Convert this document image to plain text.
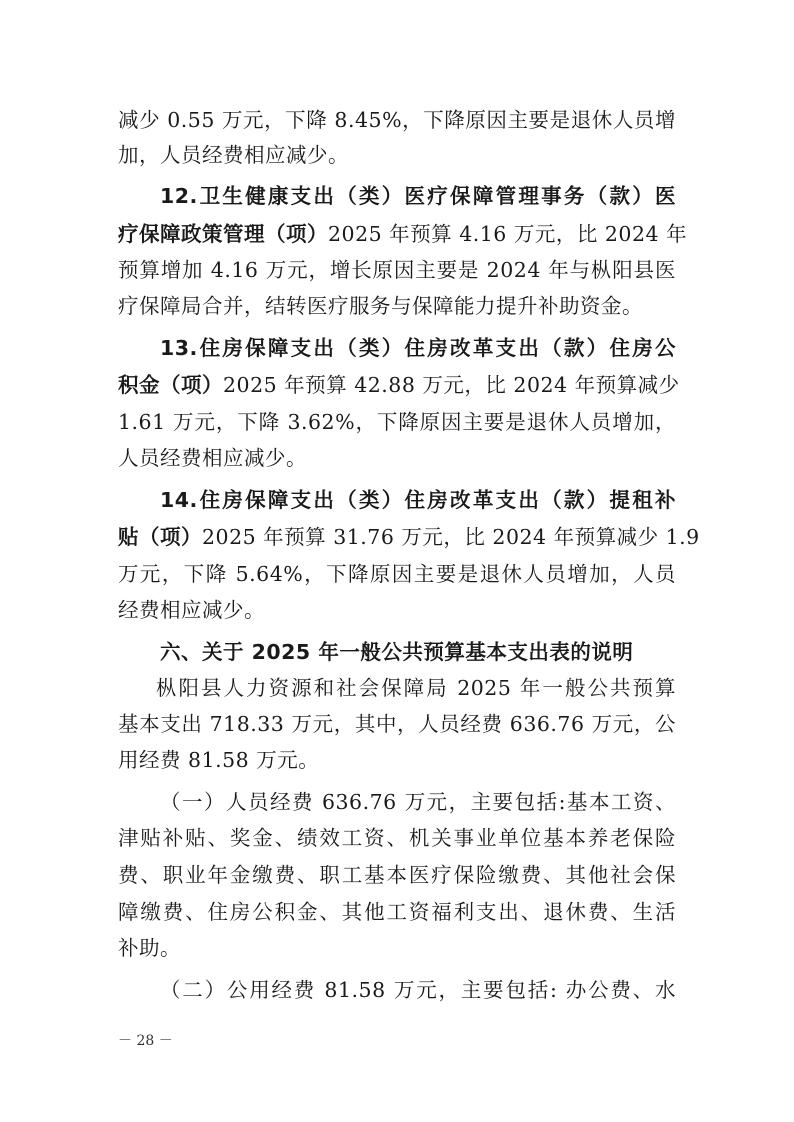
减少 0.55 万元，下降 8.45%，下降原因主要是退休人员增
加，人员经费相应减少。
12.卫生健康支出（类）医疗保障管理事务（款）医
疗保障政策管理（项）2025 年预算 4.16 万元，比 2024 年
预算增加 4.16 万元，增长原因主要是 2024 年与枞阳县医
疗保障局合并，结转医疗服务与保障能力提升补助资金。
13.住房保障支出（类）住房改革支出（款）住房公
积金（项）2025 年预算 42.88 万元，比 2024 年预算减少
1.61 万元，下降 3.62%，下降原因主要是退休人员增加，
人员经费相应减少。
14.住房保障支出（类）住房改革支出（款）提租补
贴（项）2025 年预算 31.76 万元，比 2024 年预算减少 1.9
万元，下降 5.64%，下降原因主要是退休人员增加，人员
经费相应减少。
六、关于 2025 年一般公共预算基本支出表的说明
枞阳县人力资源和社会保障局 2025 年一般公共预算
基本支出 718.33 万元，其中，人员经费 636.76 万元，公
用经费 81.58 万元。
（一）人员经费 636.76 万元，主要包括:基本工资、
津贴补贴、奖金、绩效工资、机关事业单位基本养老保险
费、职业年金缴费、职工基本医疗保险缴费、其他社会保
障缴费、住房公积金、其他工资福利支出、退休费、生活
补助。
（二）公用经费 81.58 万元，主要包括: 办公费、水
－ 28 －
